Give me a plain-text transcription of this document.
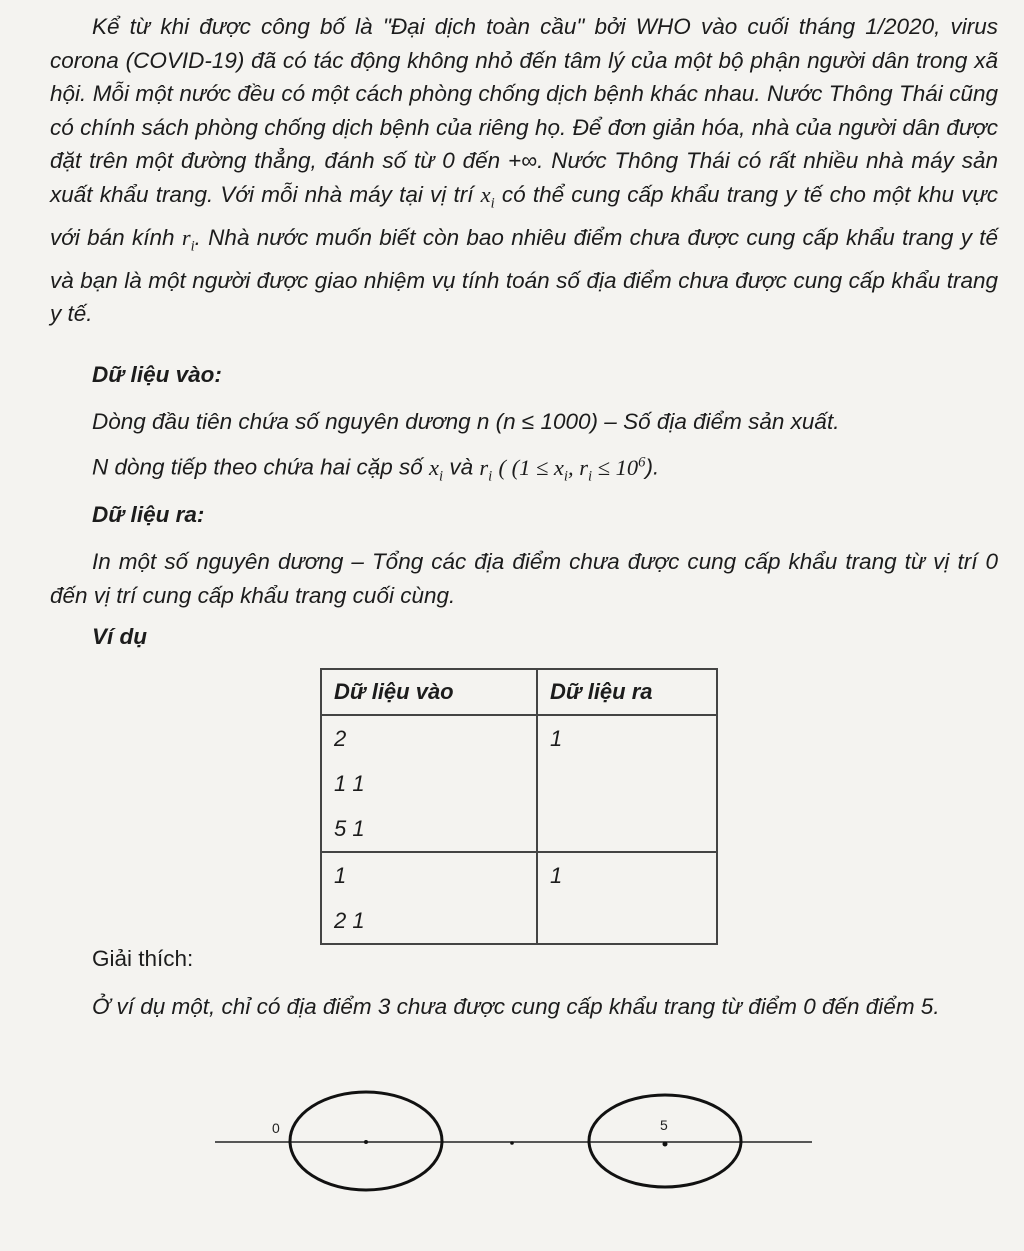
Kể từ khi được công bố là "Đại dịch toàn cầu" bởi WHO vào cuối tháng 1/2020, virus corona (COVID-19) đã có tác động không nhỏ đến tâm lý của một bộ phận người dân trong xã hội. Mỗi một nước đều có một cách phòng chống dịch bệnh khác nhau. Nước Thông Thái cũng có chính sách phòng chống dịch bệnh của riêng họ. Để đơn giản hóa, nhà của người dân được đặt trên một đường thẳng, đánh số từ 0 đến +∞. Nước Thông Thái có rất nhiều nhà máy sản xuất khẩu trang. Với mỗi nhà máy tại vị trí $x_i$ có thể cung cấp khẩu trang y tế cho một khu vực với bán kính $r_i$. Nhà nước muốn biết còn bao nhiêu điểm chưa được cung cấp khẩu trang y tế và bạn là một người được giao nhiệm vụ tính toán số địa điểm chưa được cung cấp khẩu trang y tế.

Dữ liệu vào:

Dòng đầu tiên chứa số nguyên dương n (n ≤ 1000) – Số địa điểm sản xuất.

N dòng tiếp theo chứa hai cặp số $x_i$ và $r_i$ ( ($1 \le x_i$, $r_i \le 10^6$).

Dữ liệu ra:

In một số nguyên dương – Tổng các địa điểm chưa được cung cấp khẩu trang từ vị trí 0 đến vị trí cung cấp khẩu trang cuối cùng.

Ví dụ

Dữ liệu vào	Dữ liệu ra

2
1 1
5 1	1

1
2 1	1

Giải thích:

Ở ví dụ một, chỉ có địa điểm 3 chưa được cung cấp khẩu trang từ điểm 0 đến điểm 5.

0	5
